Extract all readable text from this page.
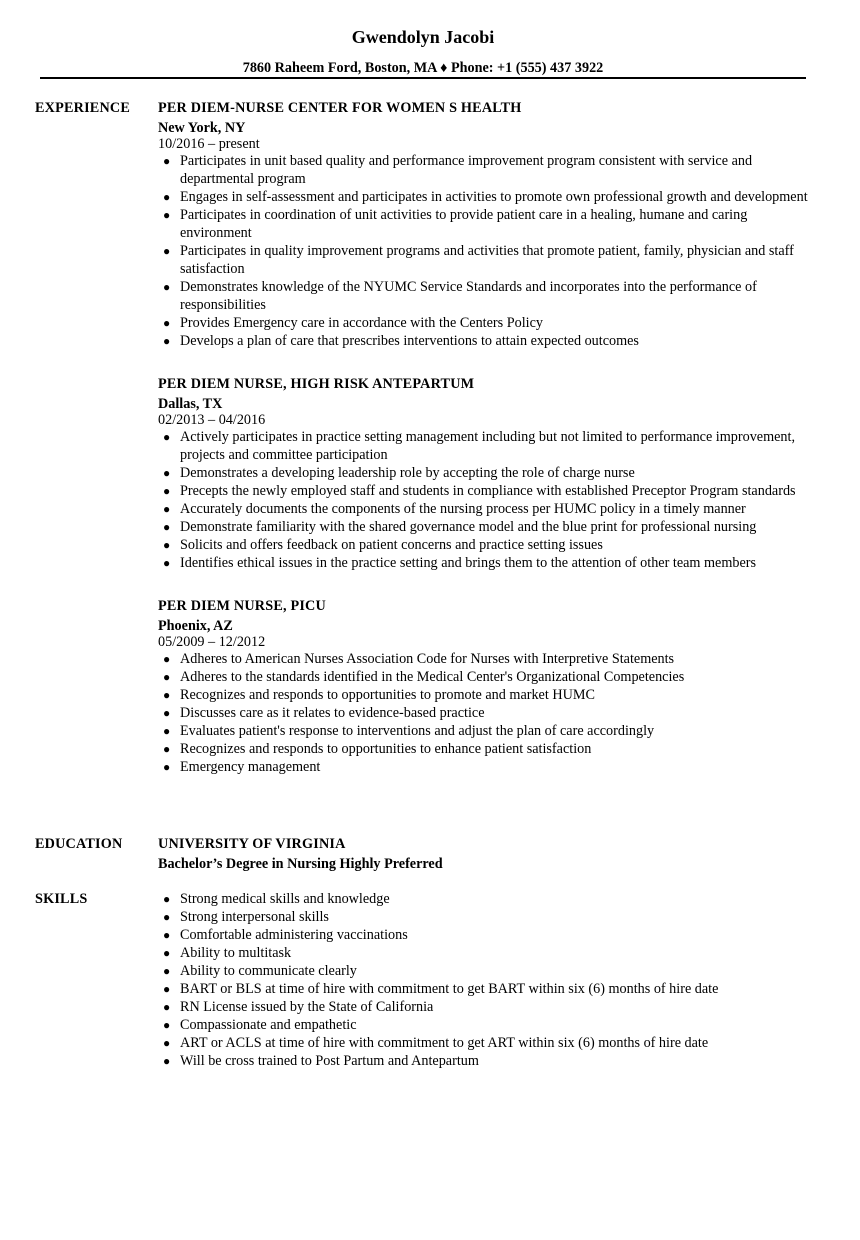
Gwendolyn Jacobi
7860 Raheem Ford, Boston, MA ♦ Phone: +1 (555) 437 3922
EXPERIENCE PER DIEM-NURSE CENTER FOR WOMEN S HEALTH
New York, NY
10/2016 – present
● Participates in unit based quality and performance improvement program consistent with service and departmental program
● Engages in self-assessment and participates in activities to promote own professional growth and development
● Participates in coordination of unit activities to provide patient care in a healing, humane and caring environment
● Participates in quality improvement programs and activities that promote patient, family, physician and staff satisfaction
● Demonstrates knowledge of the NYUMC Service Standards and incorporates into the performance of responsibilities
● Provides Emergency care in accordance with the Centers Policy
● Develops a plan of care that prescribes interventions to attain expected outcomes
PER DIEM NURSE, HIGH RISK ANTEPARTUM
Dallas, TX
02/2013 – 04/2016
● Actively participates in practice setting management including but not limited to performance improvement, projects and committee participation
● Demonstrates a developing leadership role by accepting the role of charge nurse
● Precepts the newly employed staff and students in compliance with established Preceptor Program standards
● Accurately documents the components of the nursing process per HUMC policy in a timely manner
● Demonstrate familiarity with the shared governance model and the blue print for professional nursing
● Solicits and offers feedback on patient concerns and practice setting issues
● Identifies ethical issues in the practice setting and brings them to the attention of other team members
PER DIEM NURSE, PICU
Phoenix, AZ
05/2009 – 12/2012
● Adheres to American Nurses Association Code for Nurses with Interpretive Statements
● Adheres to the standards identified in the Medical Center's Organizational Competencies
● Recognizes and responds to opportunities to promote and market HUMC
● Discusses care as it relates to evidence-based practice
● Evaluates patient's response to interventions and adjust the plan of care accordingly
● Recognizes and responds to opportunities to enhance patient satisfaction
● Emergency management
EDUCATION	UNIVERSITY OF VIRGINIA
Bachelor’s Degree in Nursing Highly Preferred
SKILLS	● Strong medical skills and knowledge
● Strong interpersonal skills
● Comfortable administering vaccinations
● Ability to multitask
● Ability to communicate clearly
● BART or BLS at time of hire with commitment to get BART within six (6) months of hire date
● RN License issued by the State of California
● Compassionate and empathetic
● ART or ACLS at time of hire with commitment to get ART within six (6) months of hire date
● Will be cross trained to Post Partum and Antepartum
